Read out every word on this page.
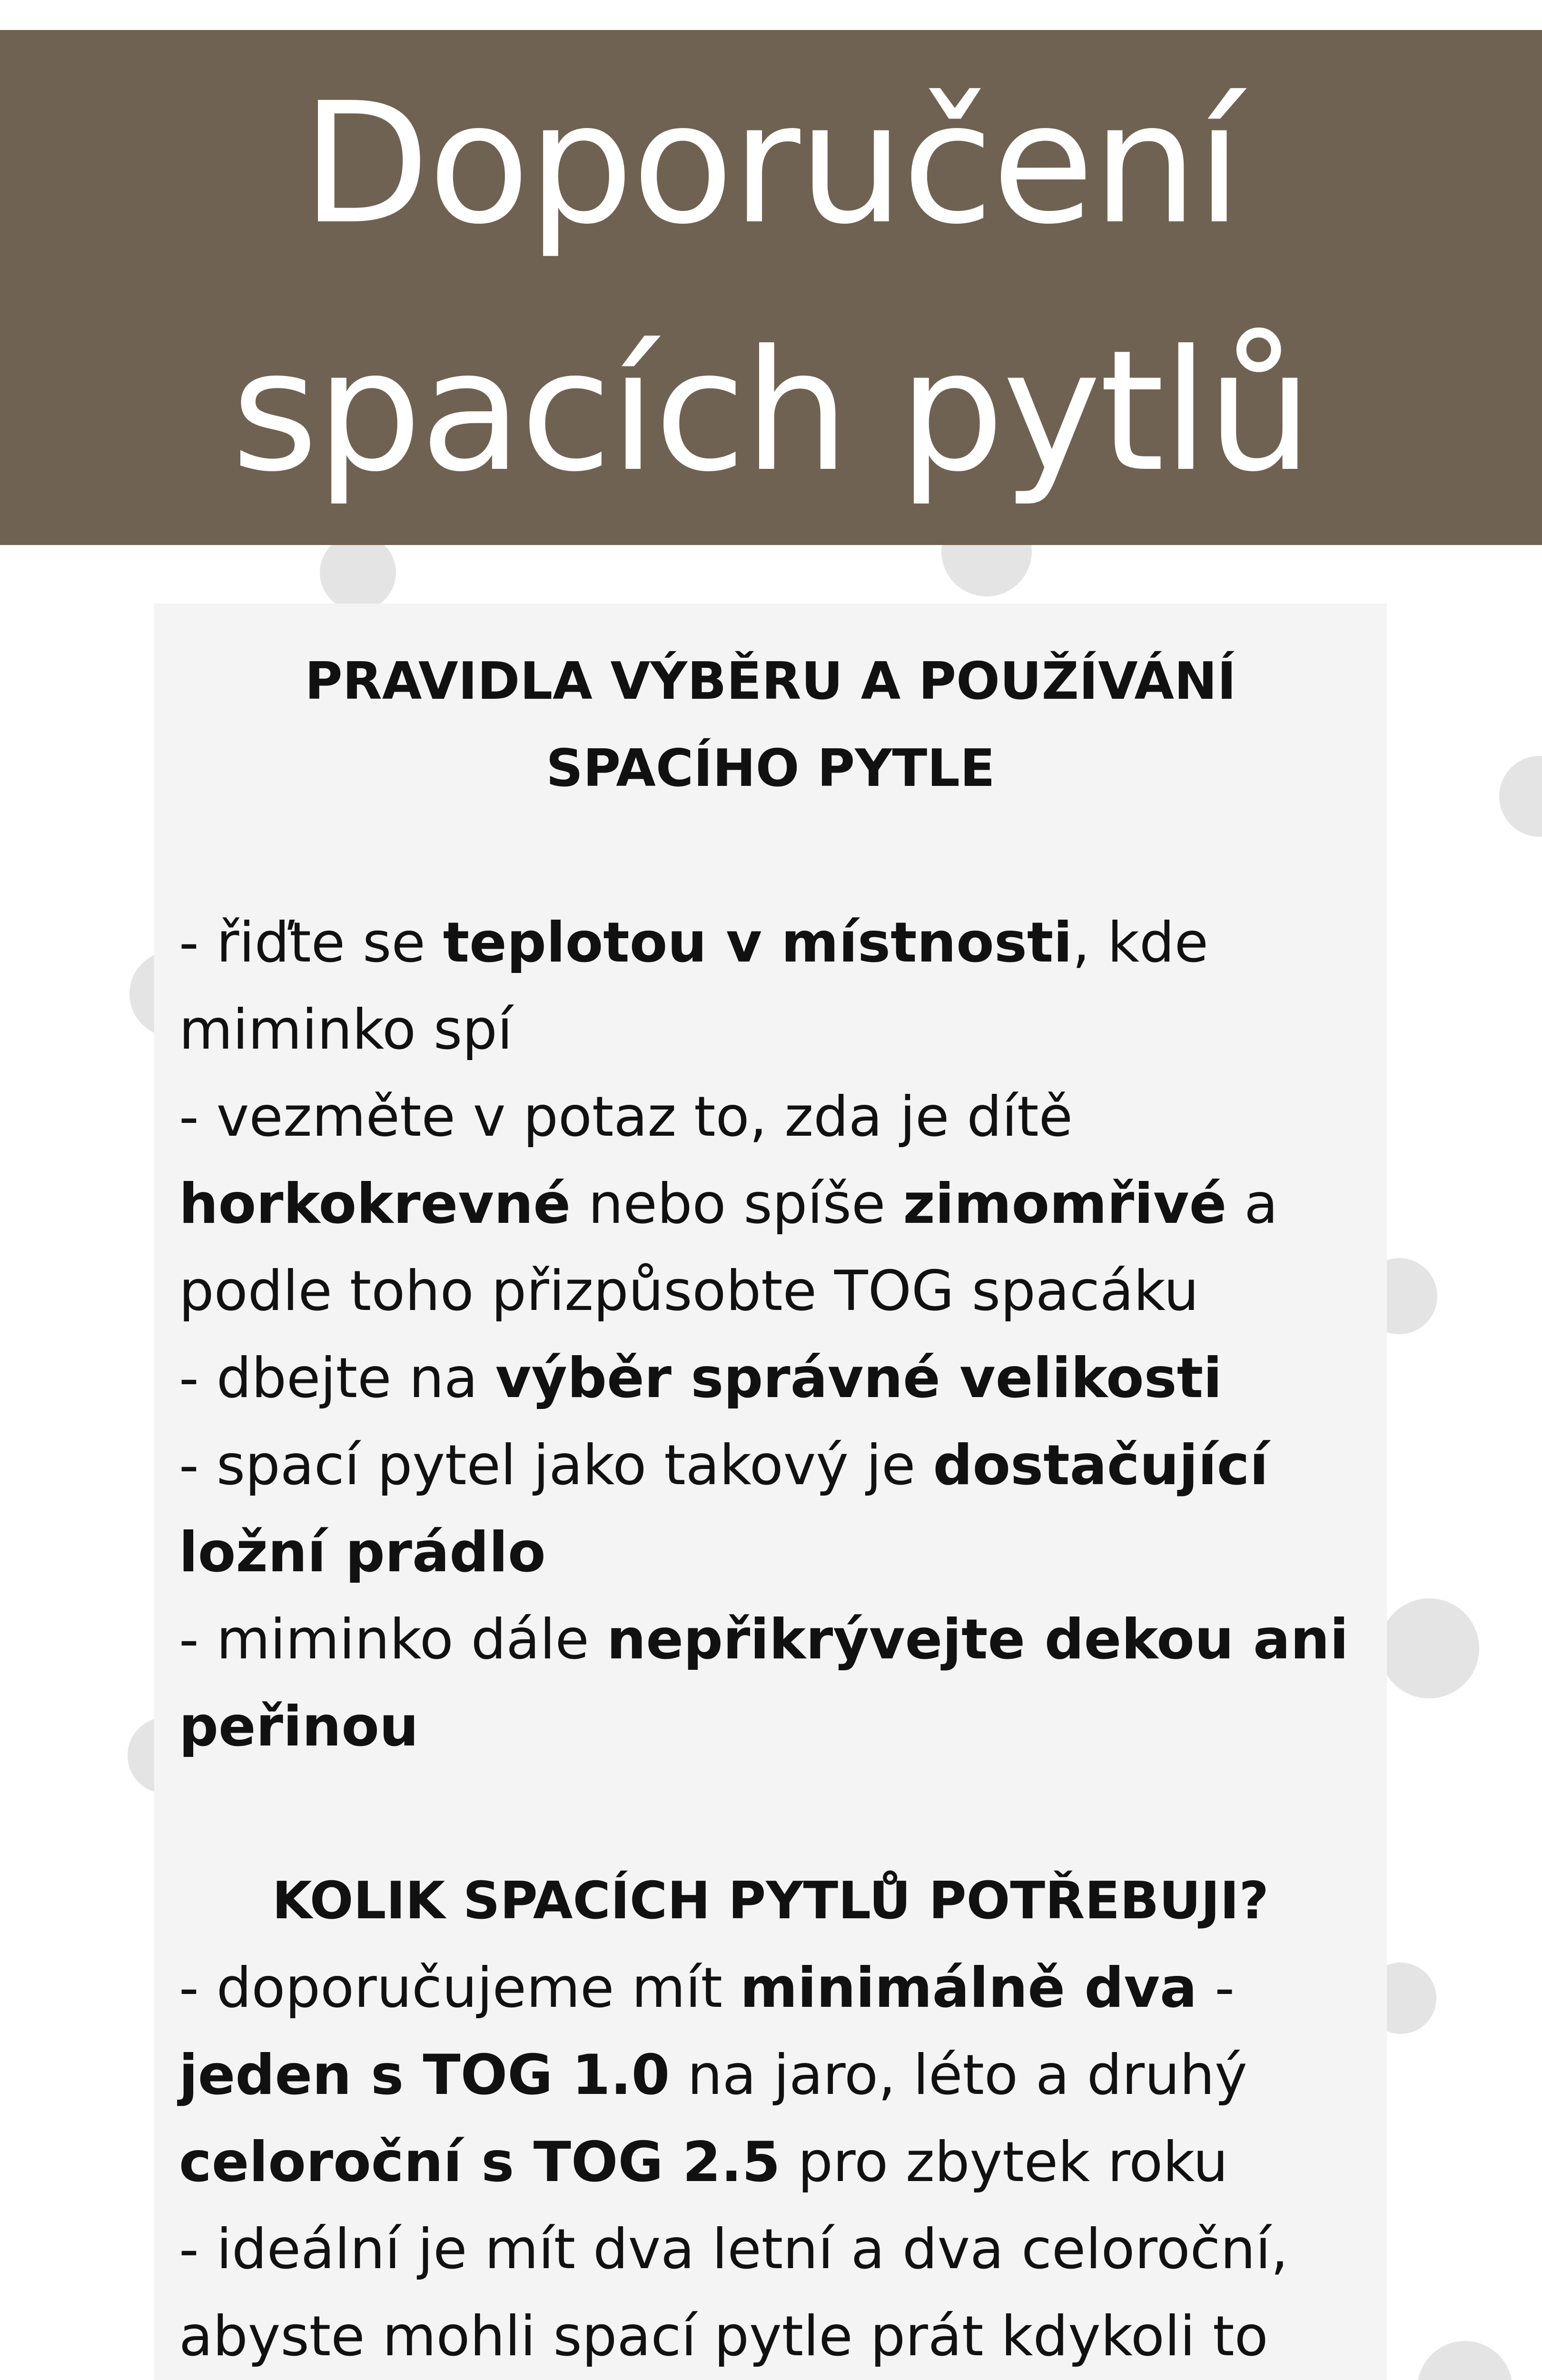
Doporučení
spacích pytlů

PRAVIDLA VÝBĚRU A POUŽÍVÁNÍ
SPACÍHO PYTLE

- řiďte se teplotou v místnosti, kde miminko spí

- vezměte v potaz to, zda je dítě horkokrevné nebo spíše zimomřivé a podle toho přizpůsobte TOG spacáku

- dbejte na výběr správné velikosti

- spací pytel jako takový je dostačující ložní prádlo

- miminko dále nepřikrývejte dekou ani peřinou

KOLIK SPACÍCH PYTLŮ POTŘEBUJI?

- doporučujeme mít minimálně dva - jeden s TOG 1.0 na jaro, léto a druhý celoroční s TOG 2.5 pro zbytek roku

- ideální je mít dva letní a dva celoroční, abyste mohli spací pytle prát kdykoli to
